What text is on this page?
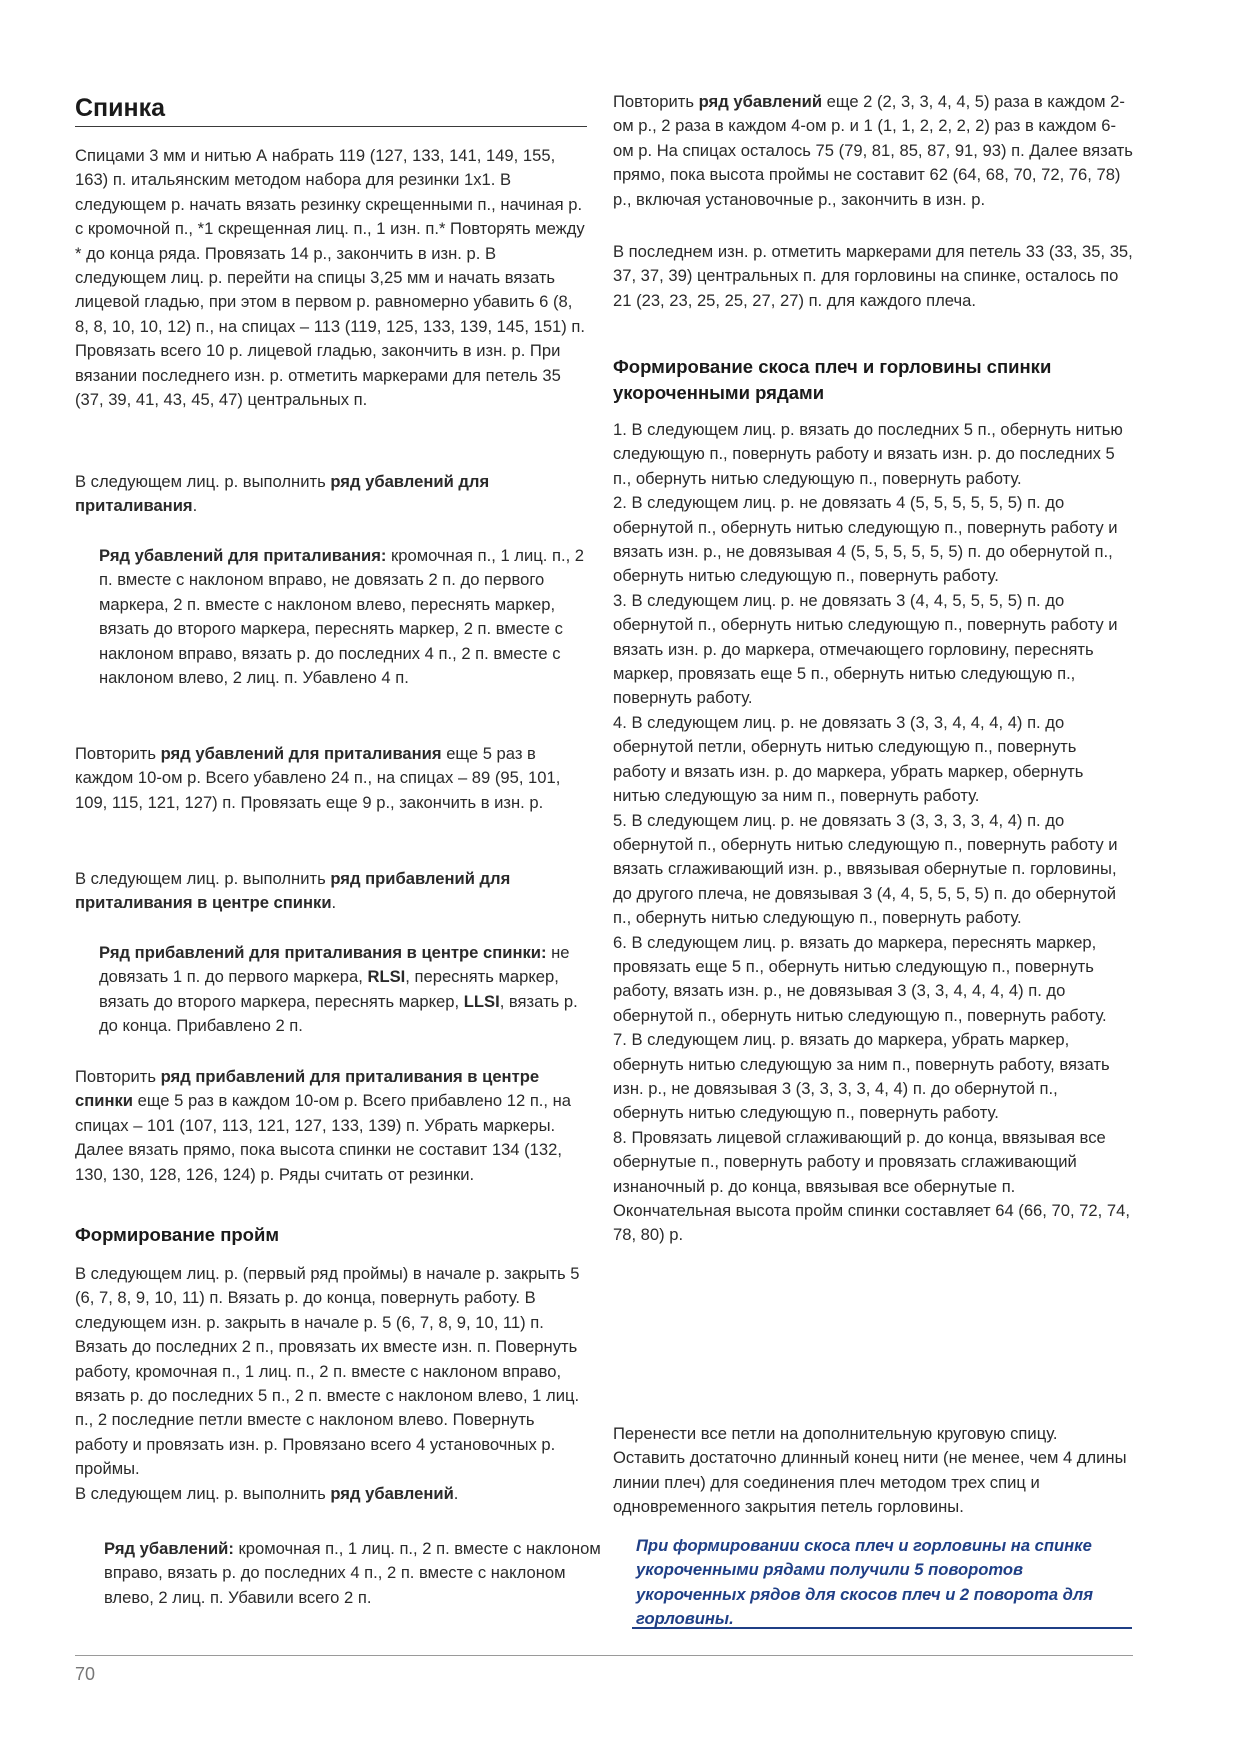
Спинка

Спицами 3 мм и нитью А набрать 119 (127, 133, 141, 149, 155, 163) п. итальянским методом набора для резинки 1x1. В следующем р. начать вязать резинку скрещенными п., начиная р. с кромочной п., *1 скрещенная лиц. п., 1 изн. п.* Повторять между * до конца ряда. Провязать 14 р., закончить в изн. р. В следующем лиц. р. перейти на спицы 3,25 мм и начать вязать лицевой гладью, при этом в первом р. равномерно убавить 6 (8, 8, 8, 10, 10, 12) п., на спицах – 113 (119, 125, 133, 139, 145, 151) п. Провязать всего 10 р. лицевой гладью, закончить в изн. р. При вязании последнего изн. р. отметить маркерами для петель 35 (37, 39, 41, 43, 45, 47) центральных п.

В следующем лиц. р. выполнить ряд убавлений для приталивания.

Ряд убавлений для приталивания: кромочная п., 1 лиц. п., 2 п. вместе с наклоном вправо, не довязать 2 п. до первого маркера, 2 п. вместе с наклоном влево, переснять маркер, вязать до второго маркера, переснять маркер, 2 п. вместе с наклоном вправо, вязать р. до последних 4 п., 2 п. вместе с наклоном влево, 2 лиц. п. Убавлено 4 п.

Повторить ряд убавлений для приталивания еще 5 раз в каждом 10-ом р. Всего убавлено 24 п., на спицах – 89 (95, 101, 109, 115, 121, 127) п. Провязать еще 9 р., закончить в изн. р.

В следующем лиц. р. выполнить ряд прибавлений для приталивания в центре спинки.

Ряд прибавлений для приталивания в центре спинки: не довязать 1 п. до первого маркера, RLSI, переснять маркер, вязать до второго маркера, переснять маркер, LLSI, вязать р. до конца. Прибавлено 2 п.

Повторить ряд прибавлений для приталивания в центре спинки еще 5 раз в каждом 10-ом р. Всего прибавлено 12 п., на спицах – 101 (107, 113, 121, 127, 133, 139) п. Убрать маркеры. Далее вязать прямо, пока высота спинки не составит 134 (132, 130, 130, 128, 126, 124) р. Ряды считать от резинки.

Формирование пройм

В следующем лиц. р. (первый ряд проймы) в начале р. закрыть 5 (6, 7, 8, 9, 10, 11) п. Вязать р. до конца, повернуть работу. В следующем изн. р. закрыть в начале р. 5 (6, 7, 8, 9, 10, 11) п. Вязать до последних 2 п., провязать их вместе изн. п. Повернуть работу, кромочная п., 1 лиц. п., 2 п. вместе с наклоном вправо, вязать р. до последних 5 п., 2 п. вместе с наклоном влево, 1 лиц. п., 2 последние петли вместе с наклоном влево. Повернуть работу и провязать изн. р. Провязано всего 4 установочных р. проймы.

В следующем лиц. р. выполнить ряд убавлений.

Ряд убавлений: кромочная п., 1 лиц. п., 2 п. вместе с наклоном вправо, вязать р. до последних 4 п., 2 п. вместе с наклоном влево, 2 лиц. п. Убавили всего 2 п.

Повторить ряд убавлений еще 2 (2, 3, 3, 4, 4, 5) раза в каждом 2-ом р., 2 раза в каждом 4-ом р. и 1 (1, 1, 2, 2, 2, 2) раз в каждом 6-ом р. На спицах осталось 75 (79, 81, 85, 87, 91, 93) п. Далее вязать прямо, пока высота проймы не составит 62 (64, 68, 70, 72, 76, 78) р., включая установочные р., закончить в изн. р.

В последнем изн. р. отметить маркерами для петель 33 (33, 35, 35, 37, 37, 39) центральных п. для горловины на спинке, осталось по 21 (23, 23, 25, 25, 27, 27) п. для каждого плеча.

Формирование скоса плеч и горловины спинки укороченными рядами

1. В следующем лиц. р. вязать до последних 5 п., обернуть нитью следующую п., повернуть работу и вязать изн. р. до последних 5 п., обернуть нитью следующую п., повернуть работу.

2. В следующем лиц. р. не довязать 4 (5, 5, 5, 5, 5, 5) п. до обернутой п., обернуть нитью следующую п., повернуть работу и вязать изн. р., не довязывая 4 (5, 5, 5, 5, 5, 5) п. до обернутой п., обернуть нитью следующую п., повернуть работу.

3. В следующем лиц. р. не довязать 3 (4, 4, 5, 5, 5, 5) п. до обернутой п., обернуть нитью следующую п., повернуть работу и вязать изн. р. до маркера, отмечающего горловину, переснять маркер, провязать еще 5 п., обернуть нитью следующую п., повернуть работу.

4. В следующем лиц. р. не довязать 3 (3, 3, 4, 4, 4, 4) п. до обернутой петли, обернуть нитью следующую п., повернуть работу и вязать изн. р. до маркера, убрать маркер, обернуть нитью следующую за ним п., повернуть работу.

5. В следующем лиц. р. не довязать 3 (3, 3, 3, 3, 4, 4) п. до обернутой п., обернуть нитью следующую п., повернуть работу и вязать сглаживающий изн. р., ввязывая обернутые п. горловины, до другого плеча, не довязывая 3 (4, 4, 5, 5, 5, 5) п. до обернутой п., обернуть нитью следующую п., повернуть работу.

6. В следующем лиц. р. вязать до маркера, переснять маркер, провязать еще 5 п., обернуть нитью следующую п., повернуть работу, вязать изн. р., не довязывая 3 (3, 3, 4, 4, 4, 4) п. до обернутой п., обернуть нитью следующую п., повернуть работу.

7. В следующем лиц. р. вязать до маркера, убрать маркер, обернуть нитью следующую за ним п., повернуть работу, вязать изн. р., не довязывая 3 (3, 3, 3, 3, 4, 4) п. до обернутой п., обернуть нитью следующую п., повернуть работу.

8. Провязать лицевой сглаживающий р. до конца, ввязывая все обернутые п., повернуть работу и провязать сглаживающий изнаночный р. до конца, ввязывая все обернутые п.

Окончательная высота пройм спинки составляет 64 (66, 70, 72, 74, 78, 80) р.

Перенести все петли на дополнительную круговую спицу. Оставить достаточно длинный конец нити (не менее, чем 4 длины линии плеч) для соединения плеч методом трех спиц и одновременного закрытия петель горловины.

При формировании скоса плеч и горловины на спинке укороченными рядами получили 5 поворотов укороченных рядов для скосов плеч и 2 поворота для горловины.

70
